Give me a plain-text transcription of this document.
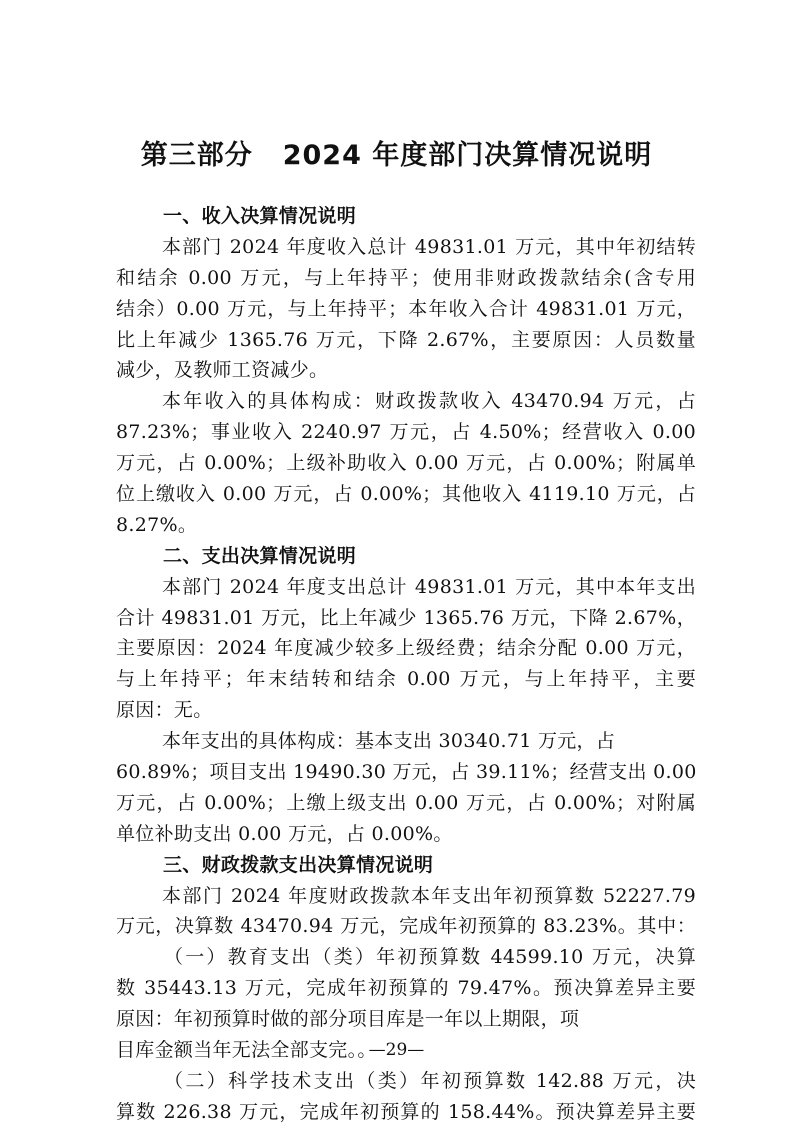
第三部分 2024 年度部门决算情况说明
一、收入决算情况说明
本部门 2024 年度收入总计 49831.01 万元，其中年初结转
和结余 0.00 万元，与上年持平；使用非财政拨款结余(含专用
结余）0.00 万元，与上年持平；本年收入合计 49831.01 万元，
比上年减少 1365.76 万元，下降 2.67%，主要原因：人员数量
减少，及教师工资减少。
本年收入的具体构成：财政拨款收入 43470.94 万元，占
87.23%；事业收入 2240.97 万元，占 4.50%；经营收入 0.00
万元，占 0.00%；上级补助收入 0.00 万元，占 0.00%；附属单
位上缴收入 0.00 万元，占 0.00%；其他收入 4119.10 万元，占
8.27%。
二、支出决算情况说明
本部门 2024 年度支出总计 49831.01 万元，其中本年支出
合计 49831.01 万元，比上年减少 1365.76 万元，下降 2.67%，
主要原因：2024 年度减少较多上级经费；结余分配 0.00 万元，
与上年持平；年末结转和结余 0.00 万元，与上年持平，主要
原因：无。
本年支出的具体构成：基本支出 30340.71 万元，占
60.89%；项目支出 19490.30 万元，占 39.11%；经营支出 0.00
万元，占 0.00%；上缴上级支出 0.00 万元，占 0.00%；对附属
单位补助支出 0.00 万元，占 0.00%。
三、财政拨款支出决算情况说明
本部门 2024 年度财政拨款本年支出年初预算数 52227.79
万元，决算数 43470.94 万元，完成年初预算的 83.23%。其中：
（一）教育支出（类）年初预算数 44599.10 万元，决算
数 35443.13 万元，完成年初预算的 79.47%。预决算差异主要
原因：年初预算时做的部分项目库是一年以上期限，项
目库金额当年无法全部支完。。
（二）科学技术支出（类）年初预算数 142.88 万元，决
算数 226.38 万元，完成年初预算的 158.44%。预决算差异主要
—29—
